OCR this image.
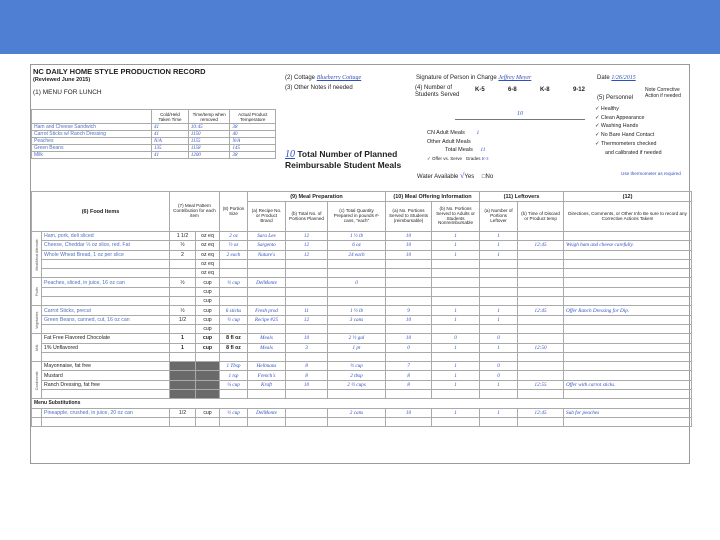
NC DAILY HOME STYLE PRODUCTION RECORD
(Reviewed June 2015)
(1) MENU FOR LUNCH
	Cold/Held Taken Time	Time/temp when removed	Actual Product Temperature
Ham and Cheese Sandwich	41	10:45	38
Carrot Sticks w/ Ranch Dressing	41	1150	40
Peaches	N/A	1155	N/A
Green Beans	135	1158	145
Milk	41	1200	38
(2) Cottage Blueberry Cottage
(3) Other Notes if needed
Signature of Person in Charge Jeffrey Meyer	Date 1/26/2015
(4) Number of Students Served
K-5	6-8	K-8	9-12
10
CN Adult Meals 1
Other Adult Meals
Total Meals 11
✓ Offer vs. Serve Grades K-5
Water Available √Yes □No
10 Total Number of Planned Reimbursable Student Meals
(5) Personnel
Note Corrective Action if needed
✓ Healthy
✓ Clean Appearance
✓ Washing Hands
✓ No Bare Hand Contact
✓ Thermometers checked
and calibrated if needed
Use thermometer as required
(6) Food Items		(7) Meal Pattern Contribution for each item		(8) Portion Size	(9) Meal Preparation			(10) Meal Offering Information		(11) Leftovers		(12)
					(a) Recipe No. or Product Brand	(b) Total No. of Portions Planned	(c) Total Quantity Prepared in pounds #-cans, "each"	(a) No. Portions Served to Students (reimbursable)	(b) No. Portions Served to Adults or Students Nonreimbursable	(a) Number of Portions Leftover	(b) Time of Discard or Product temp	Directions, Comments, or Other Info Be sure to record any Corrective Actions Taken!
Meat/Meat Alternate	Ham, pork, deli sliced	1 1/2	oz eq	2 oz	Sara Lee	12	1 ½ lb	10	1	1		
	Cheese, Cheddar ½ oz slice, red. Fat	½	oz eq	½ oz	Sargento	12	6 oz	10	1	1	12:45	Weigh ham and cheese carefully.
	Whole Wheat Bread, 1 oz per slice	2	oz eq	2 each	Nature's	12	24 each	10	1	1		
			oz eq									
			oz eq									
Fruits	Peaches, sliced, in juice, 16 oz can	½	cup	½ cup	DelMonte		0					
			cup									
			cup									
Vegetables	Carrot Sticks, precut	½	cup	6 sticks	Fresh prod	11	1 ½ lb	9	1	1	12:45	Offer Ranch Dressing for Dip.
	Green Beans, canned, cut, 16 oz can	1/2	cup	½ cup	Recipe #25	12	3 cans	10	1	1		
			cup									
Milk	Fat Free Flavored Chocolate	1	cup	8 fl oz	Meals	10	2 ½ gal	10	0	0		
	1% Unflavored	1	cup	8 fl oz	Meals	3	1 pt	0	1	1	12:50	

Condiments	Mayonnaise, fat free			1 Tbsp	Hellmans	8	½ cup	7	1	0		
	Mustard			1 tsp	French's	8	2 tbsp	8	1	0		
	Ranch Dressing, fat free			¼ cup	Kraft	10	2 ½ cups	8	1	1	12:55	Offer with carrot sticks.

Menu Substitutions												
	Pineapple, crushed, in juice, 20 oz can	1/2	cup	½ cup	DelMonte		2 cans	10	1	1	12:45	Sub for peaches
